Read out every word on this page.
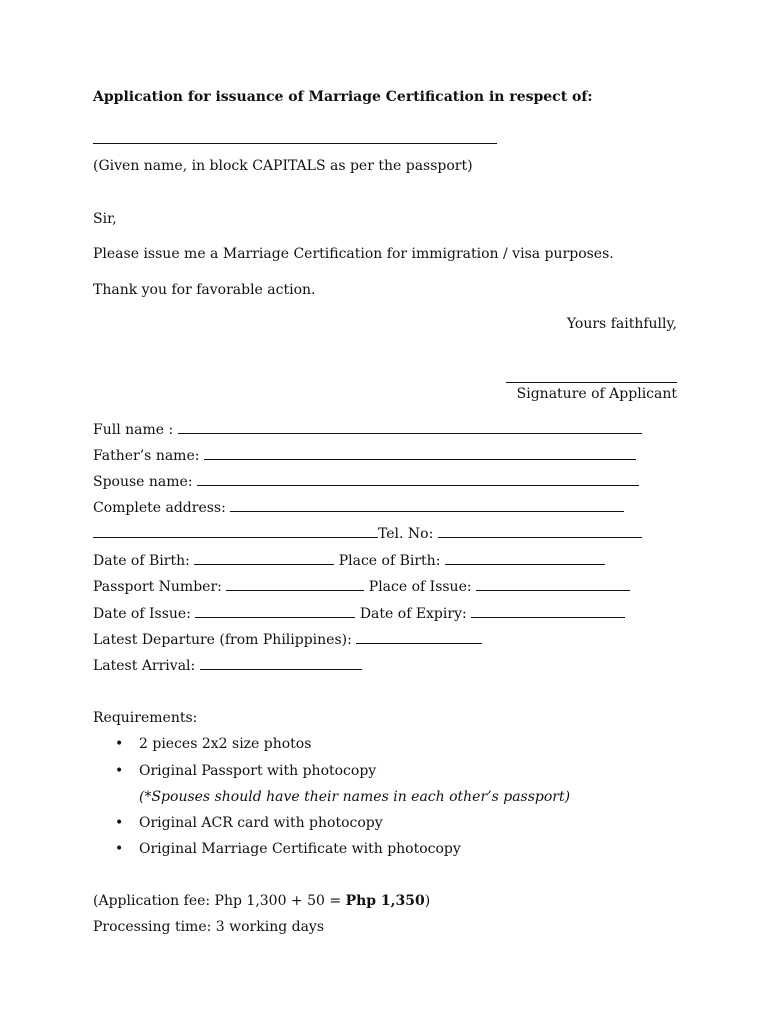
Application for issuance of Marriage Certification in respect of:
(Given name, in block CAPITALS as per the passport)
Sir,
Please issue me a Marriage Certification for immigration / visa purposes.
Thank you for favorable action.
Yours faithfully,
Signature of Applicant
Full name :
Father’s name:
Spouse name:
Complete address:
Tel. No:
Date of Birth:	Place of Birth:
Passport Number:	Place of Issue:
Date of Issue:	Date of Expiry:
Latest Departure (from Philippines):
Latest Arrival:
Requirements:
• 2 pieces 2x2 size photos
• Original Passport with photocopy
(*Spouses should have their names in each other’s passport)
• Original ACR card with photocopy
• Original Marriage Certificate with photocopy
(Application fee: Php 1,300 + 50 = Php 1,350)
Processing time: 3 working days
